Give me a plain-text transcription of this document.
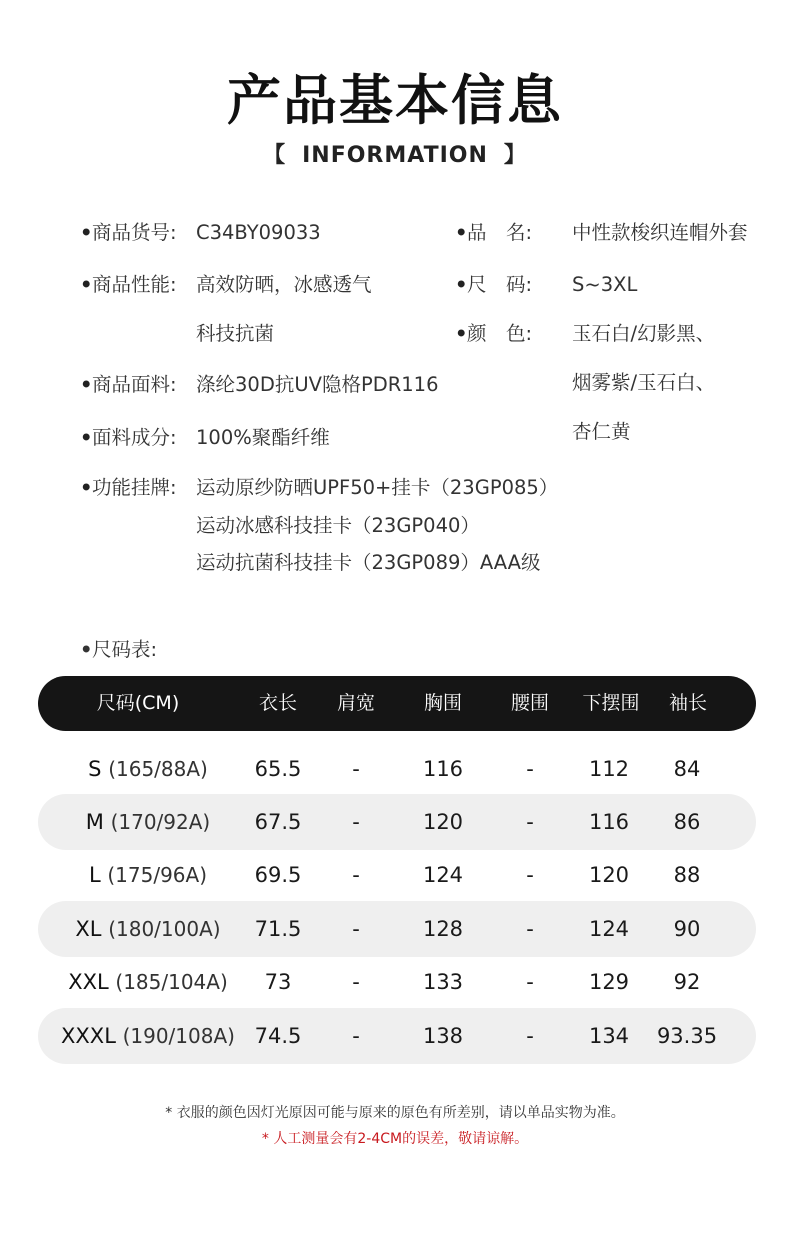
产品基本信息
【 INFORMATION 】
•商品货号: C34BY09033
•商品性能: 高效防晒，冰感透气
科技抗菌
•商品面料: 涤纶30D抗UV隐格PDR116
•面料成分: 100%聚酯纤维
•功能挂牌: 运动原纱防晒UPF50+挂卡（23GP085）
运动冰感科技挂卡（23GP040）
运动抗菌科技挂卡（23GP089）AAA级
•品　名: 中性款梭织连帽外套
•尺　码: S~3XL
•颜　色: 玉石白/幻影黑、
烟雾紫/玉石白、
杏仁黄
•尺码表:
尺码(CM)	衣长	肩宽	胸围	腰围	下摆围	袖长
S (165/88A)	65.5	-	116	-	112	84
M (170/92A)	67.5	-	120	-	116	86
L (175/96A)	69.5	-	124	-	120	88
XL (180/100A)	71.5	-	128	-	124	90
XXL (185/104A)	73	-	133	-	129	92
XXXL (190/108A) 74.5	-	138	-	134	93.35
* 衣服的颜色因灯光原因可能与原来的原色有所差别，请以单品实物为准。
* 人工测量会有2-4CM的误差，敬请谅解。
